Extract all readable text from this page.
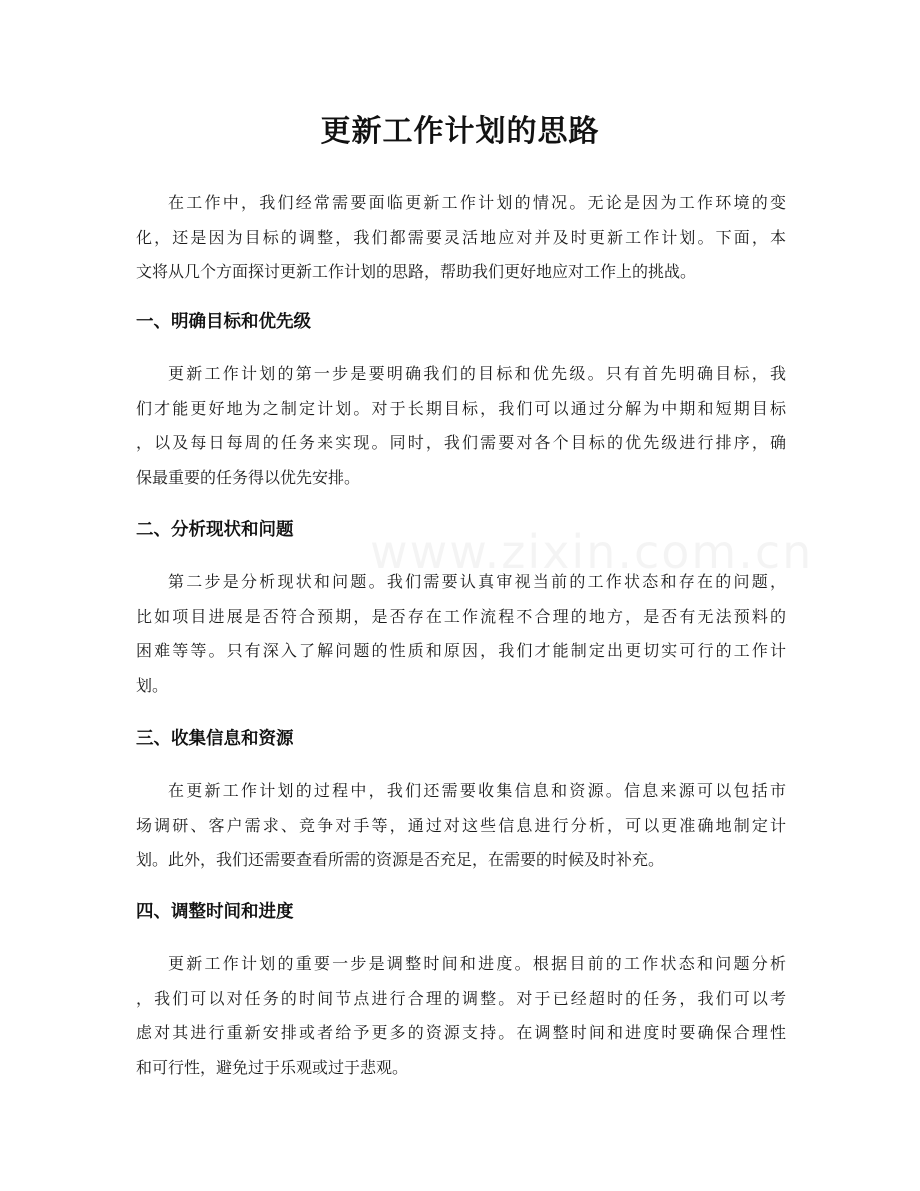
更新工作计划的思路

在工作中，我们经常需要面临更新工作计划的情况。无论是因为工作环境的变
化，还是因为目标的调整，我们都需要灵活地应对并及时更新工作计划。下面，本
文将从几个方面探讨更新工作计划的思路，帮助我们更好地应对工作上的挑战。

一、明确目标和优先级

更新工作计划的第一步是要明确我们的目标和优先级。只有首先明确目标，我
们才能更好地为之制定计划。对于长期目标，我们可以通过分解为中期和短期目标
，以及每日每周的任务来实现。同时，我们需要对各个目标的优先级进行排序，确
保最重要的任务得以优先安排。

二、分析现状和问题

第二步是分析现状和问题。我们需要认真审视当前的工作状态和存在的问题，
比如项目进展是否符合预期，是否存在工作流程不合理的地方，是否有无法预料的
困难等等。只有深入了解问题的性质和原因，我们才能制定出更切实可行的工作计
划。

三、收集信息和资源

在更新工作计划的过程中，我们还需要收集信息和资源。信息来源可以包括市
场调研、客户需求、竞争对手等，通过对这些信息进行分析，可以更准确地制定计
划。此外，我们还需要查看所需的资源是否充足，在需要的时候及时补充。

四、调整时间和进度

更新工作计划的重要一步是调整时间和进度。根据目前的工作状态和问题分析
，我们可以对任务的时间节点进行合理的调整。对于已经超时的任务，我们可以考
虑对其进行重新安排或者给予更多的资源支持。在调整时间和进度时要确保合理性
和可行性，避免过于乐观或过于悲观。
